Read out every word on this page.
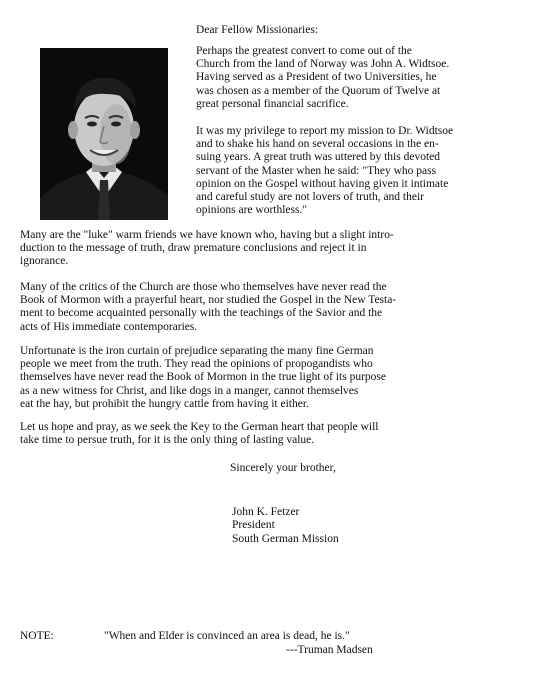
Dear Fellow Missionaries:
Perhaps the greatest convert to come out of the
Church from the land of Norway was John A. Widtsoe.
Having served as a President of two Universities, he
was chosen as a member of the Quorum of Twelve at
great personal financial sacrifice.
It was my privilege to report my mission to Dr. Widtsoe
and to shake his hand on several occasions in the en-
suing years. A great truth was uttered by this devoted
servant of the Master when he said: "They who pass
opinion on the Gospel without having given it intimate
and careful study are not lovers of truth, and their
opinions are worthless."
Many are the "luke" warm friends we have known who, having but a slight intro-
duction to the message of truth, draw premature conclusions and reject it in
ignorance.
Many of the critics of the Church are those who themselves have never read the
Book of Mormon with a prayerful heart, nor studied the Gospel in the New Testa-
ment to become acquainted personally with the teachings of the Savior and the
acts of His immediate contemporaries.
Unfortunate is the iron curtain of prejudice separating the many fine German
people we meet from the truth. They read the opinions of propogandists who
themselves have never read the Book of Mormon in the true light of its purpose
as a new witness for Christ, and like dogs in a manger, cannot themselves
eat the hay, but prohibit the hungry cattle from having it either.
Let us hope and pray, as we seek the Key to the German heart that people will
take time to persue truth, for it is the only thing of lasting value.
Sincerely your brother,
John K. Fetzer
President
South German Mission
NOTE:	"When and Elder is convinced an area is dead, he is."
---Truman Madsen
